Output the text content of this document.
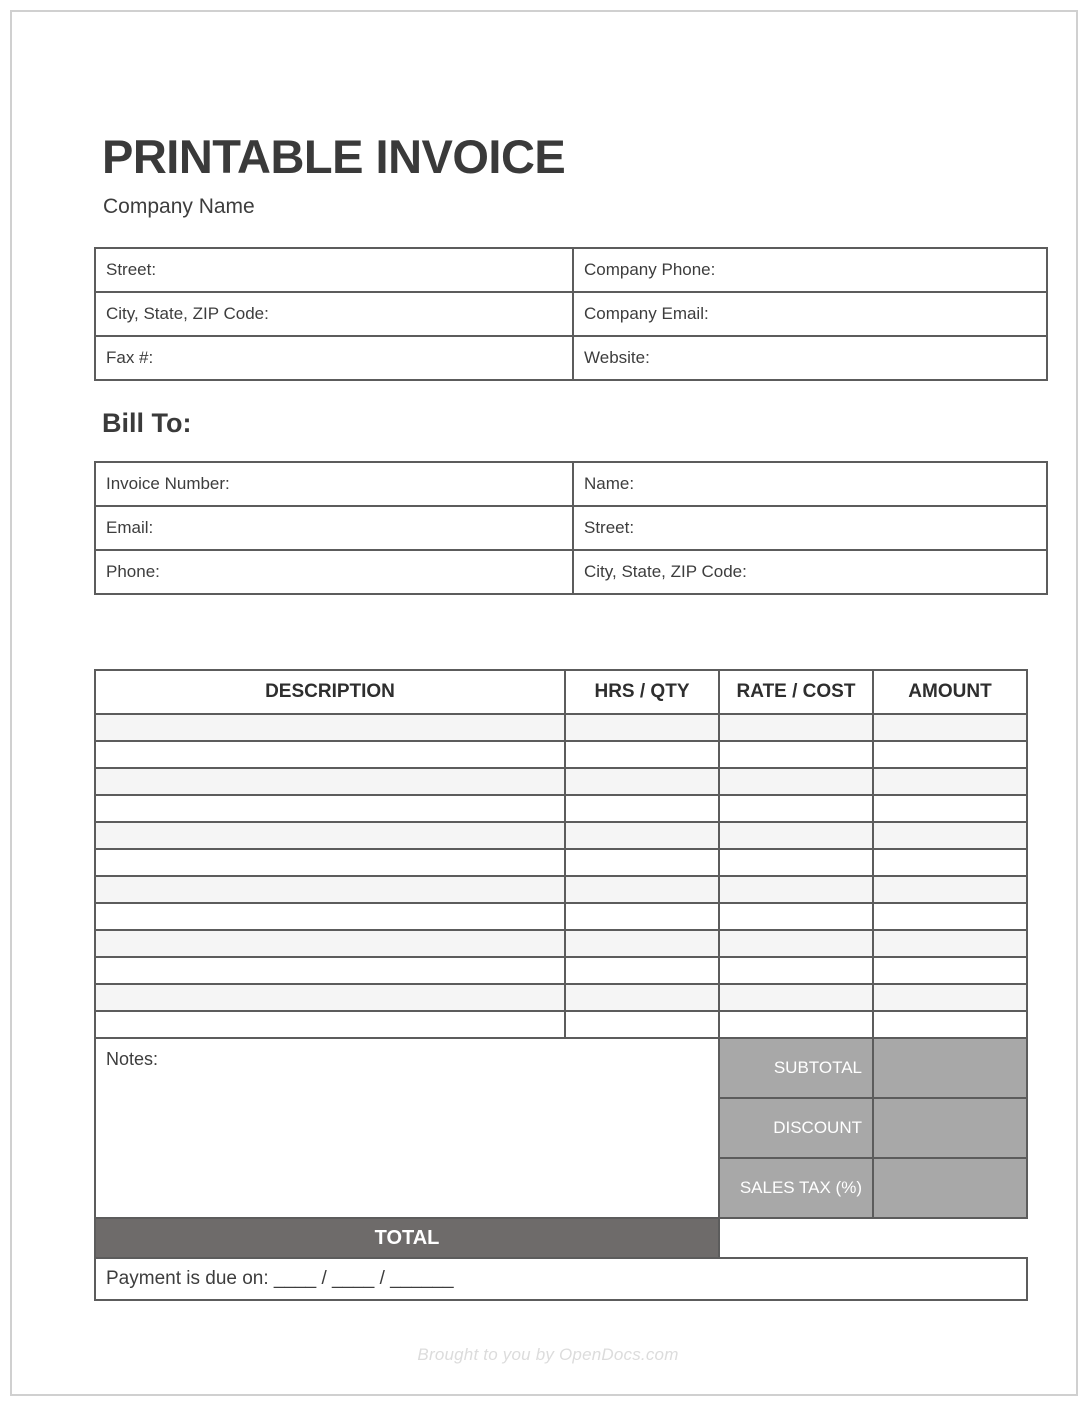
PRINTABLE INVOICE
Company Name
Street:	Company Phone:
City, State, ZIP Code:	Company Email:
Fax #:	Website:
Bill To:
Invoice Number:	Name:
Email:	Street:
Phone:	City, State, ZIP Code:
DESCRIPTION	HRS / QTY	RATE / COST	AMOUNT

Notes:		SUBTOTAL	
		DISCOUNT	
		SALES TAX (%)	
TOTAL			
Payment is due on: ____ / ____ / ______			
Brought to you by OpenDocs.com
